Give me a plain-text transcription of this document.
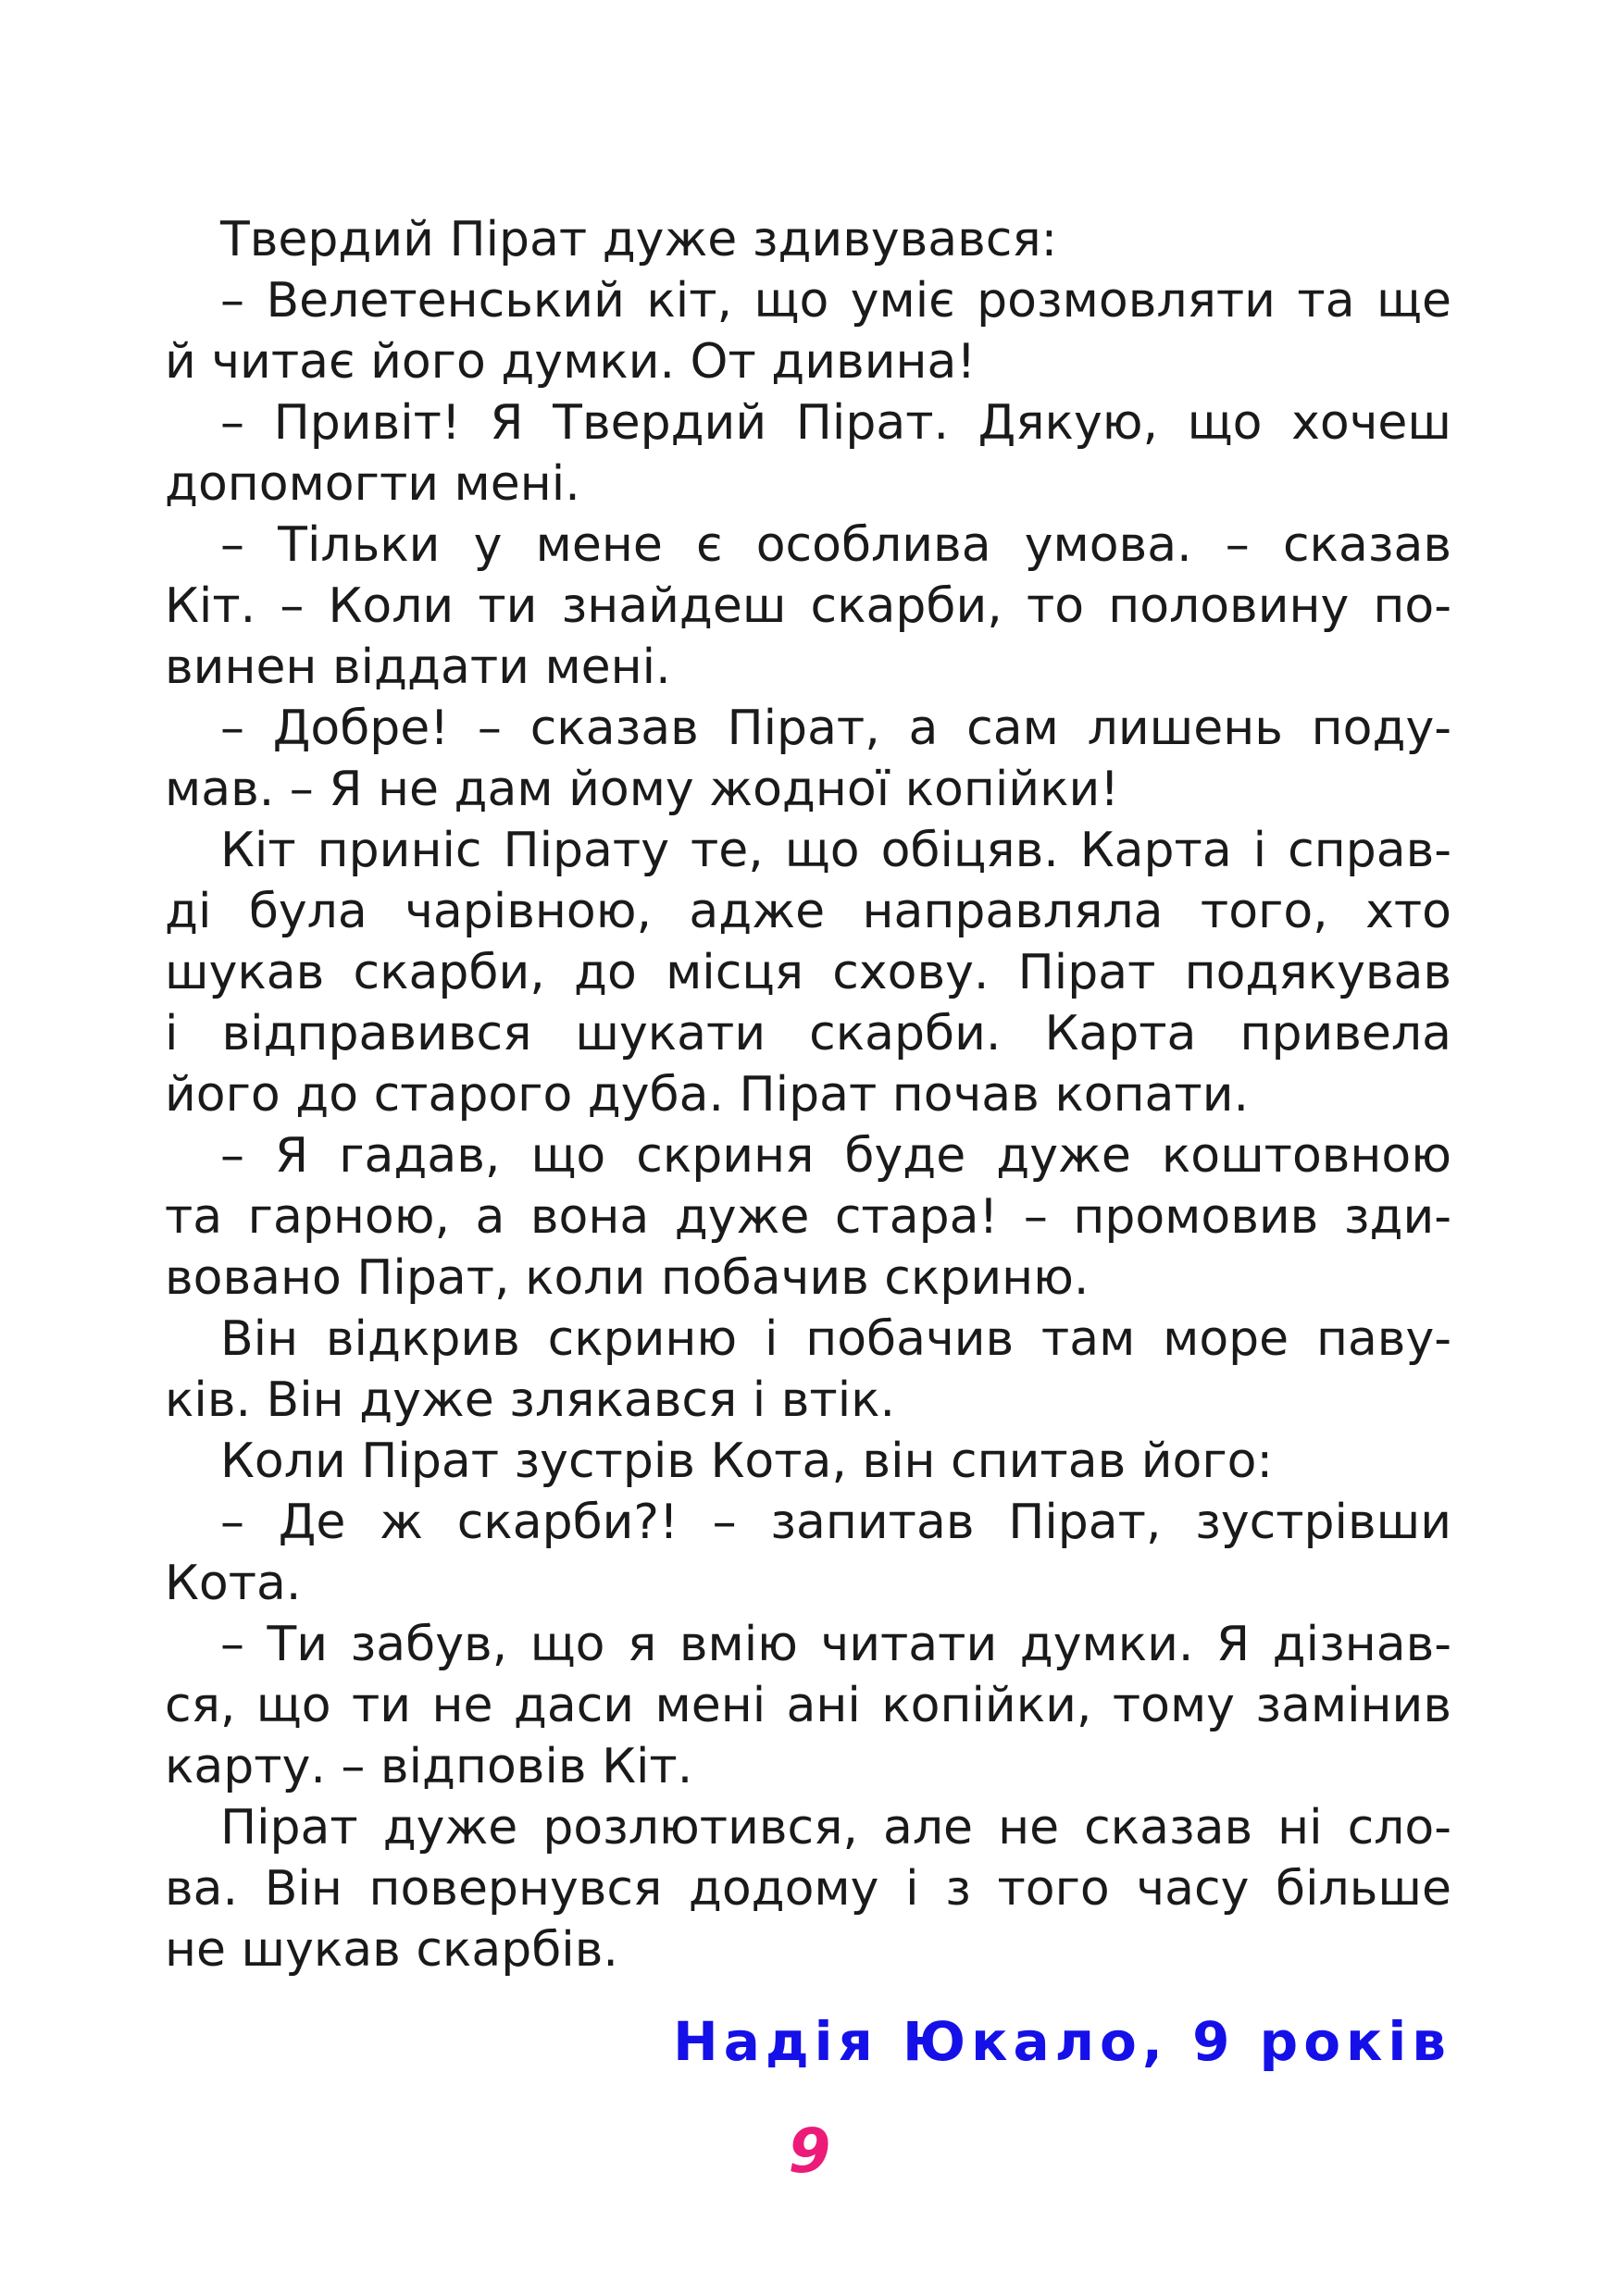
Твердий Пірат дуже здивувався:
– Велетенський кіт, що уміє розмовляти та ще
й читає його думки. От дивина!
– Привіт! Я Твердий Пірат. Дякую, що хочеш
допомогти мені.
– Тільки у мене є особлива умова. – сказав
Кіт. – Коли ти знайдеш скарби, то половину по-
винен віддати мені.
– Добре! – сказав Пірат, а сам лишень поду-
мав. – Я не дам йому жодної копійки!
Кіт приніс Пірату те, що обіцяв. Карта і справ-
ді була чарівною, адже направляла того, хто
шукав скарби, до місця схову. Пірат подякував
і відправився шукати скарби. Карта привела
його до старого дуба. Пірат почав копати.
– Я гадав, що скриня буде дуже коштовною
та гарною, а вона дуже стара! – промовив зди-
вовано Пірат, коли побачив скриню.
Він відкрив скриню і побачив там море паву-
ків. Він дуже злякався і втік.
Коли Пірат зустрів Кота, він спитав його:
– Де ж скарби?! – запитав Пірат, зустрівши
Кота.
– Ти забув, що я вмію читати думки. Я дізнав-
ся, що ти не даси мені ані копійки, тому замінив
карту. – відповів Кіт.
Пірат дуже розлютився, але не сказав ні сло-
ва. Він повернувся додому і з того часу більше
не шукав скарбів.
Надія Юкало, 9 років
9
